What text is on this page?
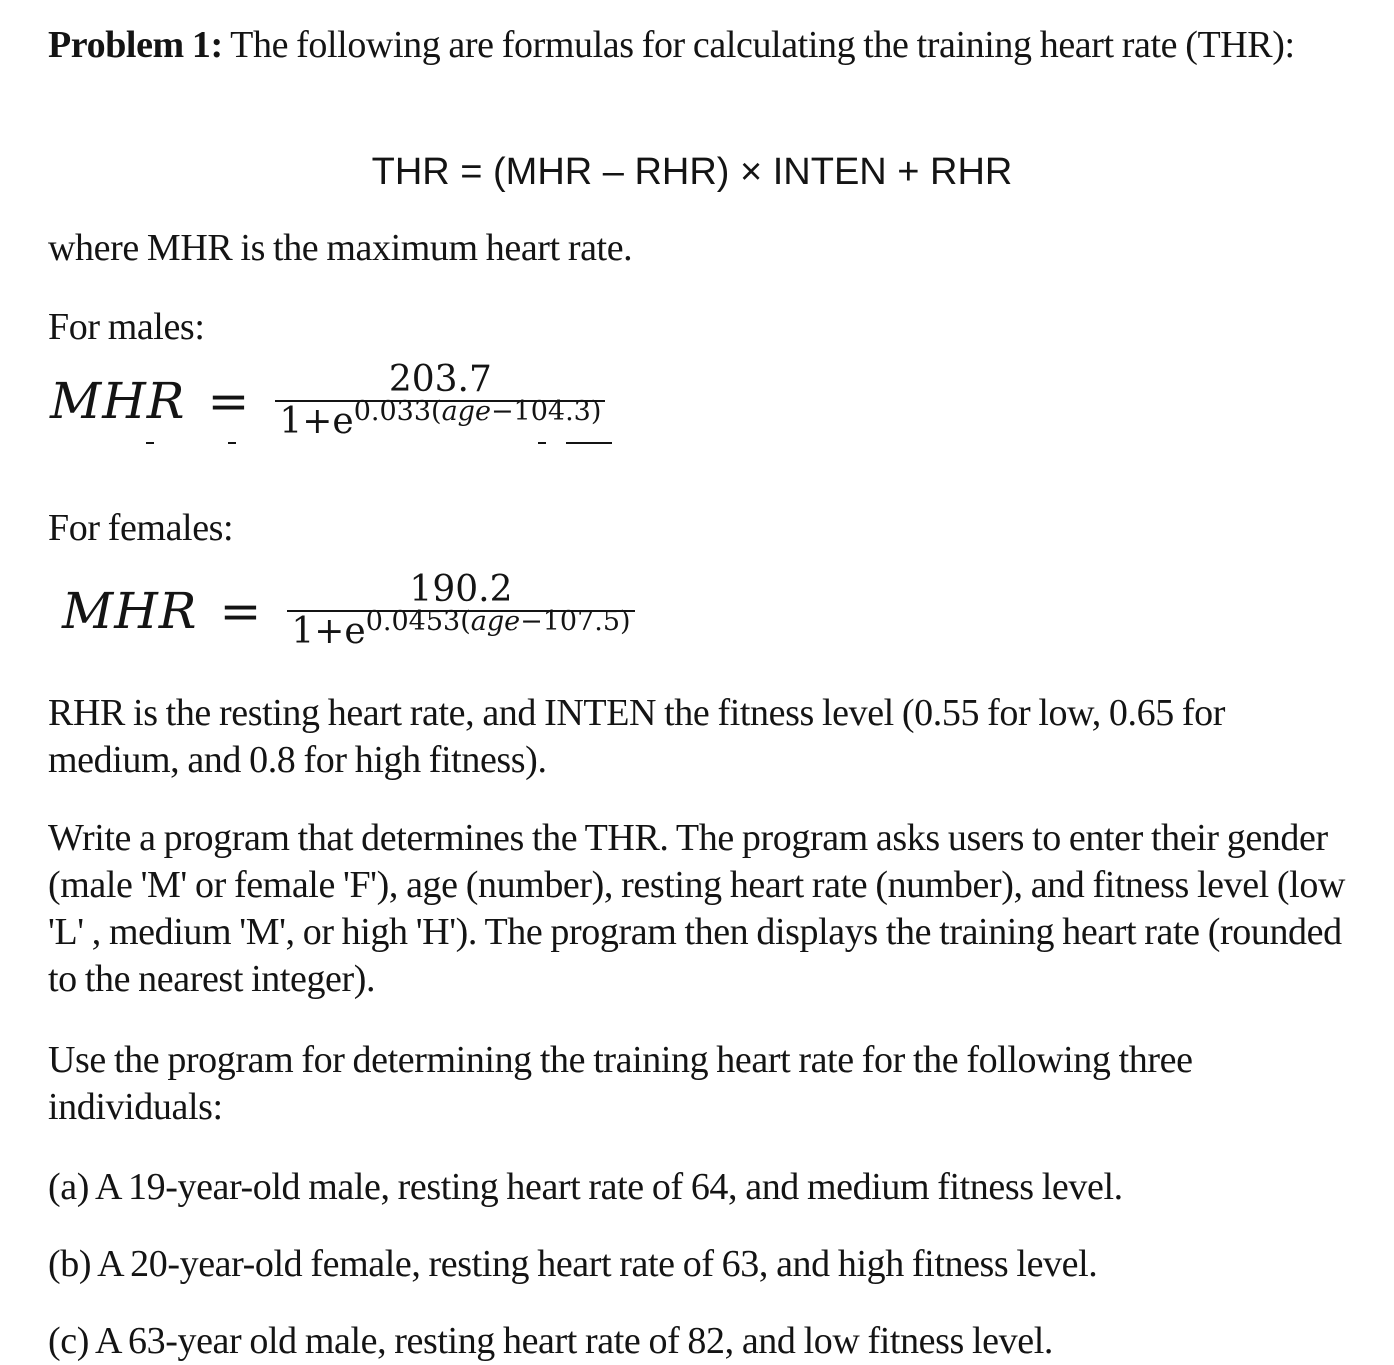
Problem 1: The following are formulas for calculating the training heart rate (THR):

THR = (MHR – RHR) × INTEN + RHR

where MHR is the maximum heart rate.

For males:

MHR = $\frac{203.7}{1+e^{0.033(age-104.3)}}$

For females:

MHR = $\frac{190.2}{1+e^{0.0453(age-107.5)}}$

RHR is the resting heart rate, and INTEN the fitness level (0.55 for low, 0.65 for medium, and 0.8 for high fitness).

Write a program that determines the THR. The program asks users to enter their gender (male 'M' or female 'F'), age (number), resting heart rate (number), and fitness level (low 'L' , medium 'M', or high 'H'). The program then displays the training heart rate (rounded to the nearest integer).

Use the program for determining the training heart rate for the following three individuals:

(a) A 19-year-old male, resting heart rate of 64, and medium fitness level.

(b) A 20-year-old female, resting heart rate of 63, and high fitness level.

(c) A 63-year old male, resting heart rate of 82, and low fitness level.
